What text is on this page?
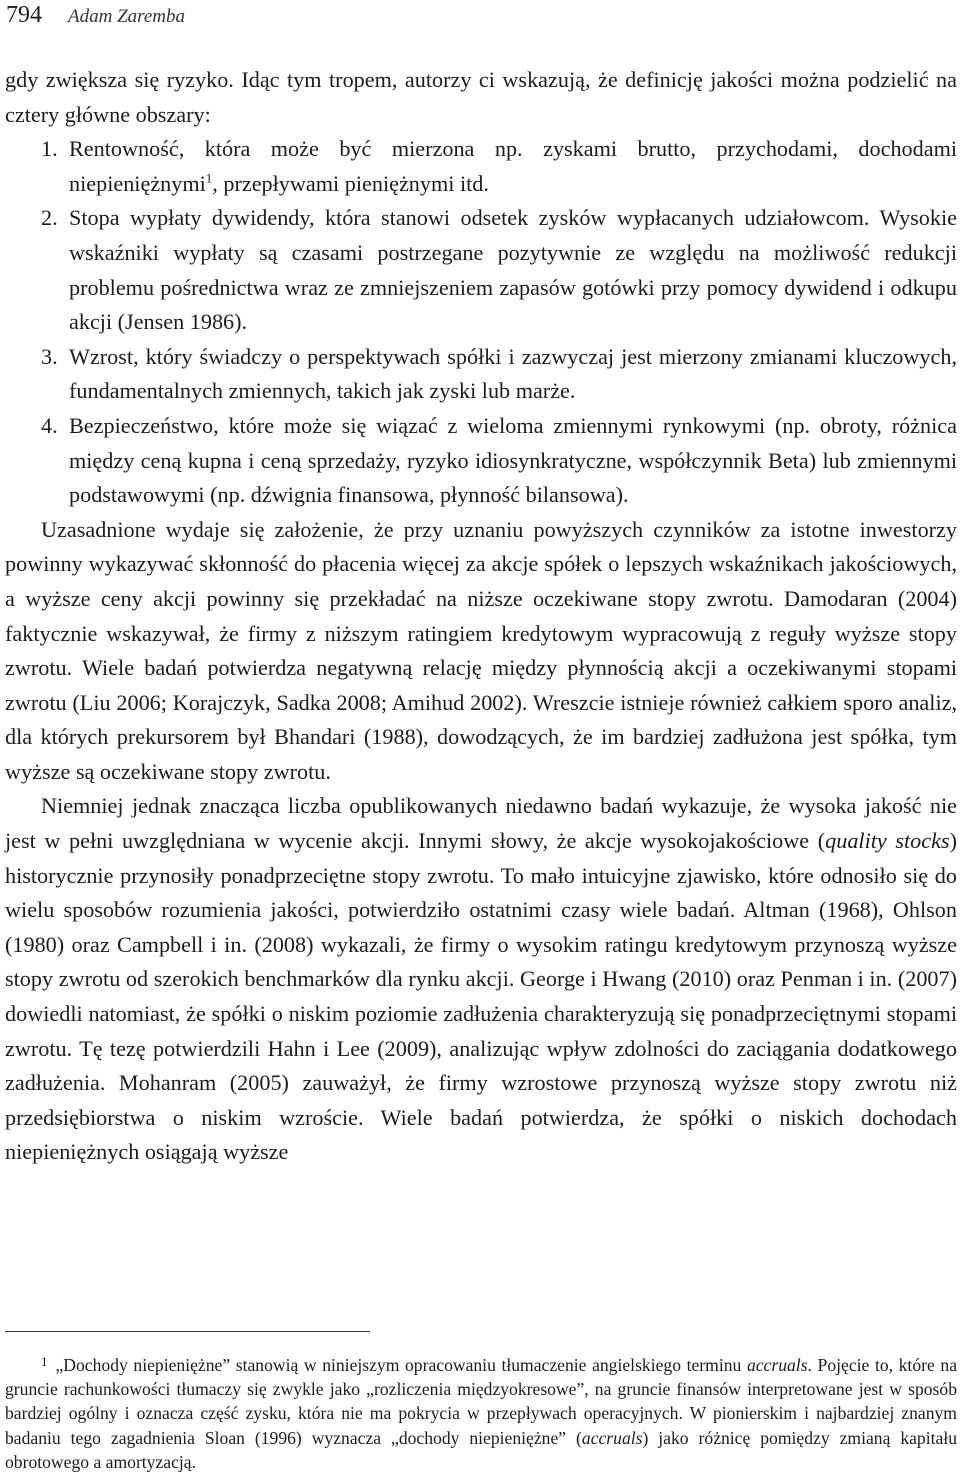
794 Adam Zaremba

gdy zwiększa się ryzyko. Idąc tym tropem, autorzy ci wskazują, że definicję jakości można podzielić na cztery główne obszary:

1. Rentowność, która może być mierzona np. zyskami brutto, przychodami, dochodami niepieniężnymi$^1$, przepływami pieniężnymi itd.
2. Stopa wypłaty dywidendy, która stanowi odsetek zysków wypłacanych udziałowcom. Wysokie wskaźniki wypłaty są czasami postrzegane pozytywnie ze względu na możliwość redukcji problemu pośrednictwa wraz ze zmniejszeniem zapasów gotówki przy pomocy dywidend i odkupu akcji (Jensen 1986).
3. Wzrost, który świadczy o perspektywach spółki i zazwyczaj jest mierzony zmianami kluczowych, fundamentalnych zmiennych, takich jak zyski lub marże.
4. Bezpieczeństwo, które może się wiązać z wieloma zmiennymi rynkowymi (np. obroty, różnica między ceną kupna i ceną sprzedaży, ryzyko idiosynkratyczne, współczynnik Beta) lub zmiennymi podstawowymi (np. dźwignia finansowa, płynność bilansowa).

Uzasadnione wydaje się założenie, że przy uznaniu powyższych czynników za istotne inwestorzy powinny wykazywać skłonność do płacenia więcej za akcje spółek o lepszych wskaźnikach jakościowych, a wyższe ceny akcji powinny się przekładać na niższe oczekiwane stopy zwrotu. Damodaran (2004) faktycznie wskazywał, że firmy z niższym ratingiem kredytowym wypracowują z reguły wyższe stopy zwrotu. Wiele badań potwierdza negatywną relację między płynnością akcji a oczekiwanymi stopami zwrotu (Liu 2006; Korajczyk, Sadka 2008; Amihud 2002). Wreszcie istnieje również całkiem sporo analiz, dla których prekursorem był Bhandari (1988), dowodzących, że im bardziej zadłużona jest spółka, tym wyższe są oczekiwane stopy zwrotu.

Niemniej jednak znacząca liczba opublikowanych niedawno badań wykazuje, że wysoka jakość nie jest w pełni uwzględniana w wycenie akcji. Innymi słowy, że akcje wysokojakościowe (quality stocks) historycznie przynosiły ponadprzeciętne stopy zwrotu. To mało intuicyjne zjawisko, które odnosiło się do wielu sposobów rozumienia jakości, potwierdziło ostatnimi czasy wiele badań. Altman (1968), Ohlson (1980) oraz Campbell i in. (2008) wykazali, że firmy o wysokim ratingu kredytowym przynoszą wyższe stopy zwrotu od szerokich benchmarków dla rynku akcji. George i Hwang (2010) oraz Penman i in. (2007) dowiedli natomiast, że spółki o niskim poziomie zadłużenia charakteryzują się ponadprzeciętnymi stopami zwrotu. Tę tezę potwierdzili Hahn i Lee (2009), analizując wpływ zdolności do zaciągania dodatkowego zadłużenia. Mohanram (2005) zauważył, że firmy wzrostowe przynoszą wyższe stopy zwrotu niż przedsiębiorstwa o niskim wzroście. Wiele badań potwierdza, że spółki o niskich dochodach niepieniężnych osiągają wyższe

$^1$ „Dochody niepieniężne” stanowią w niniejszym opracowaniu tłumaczenie angielskiego terminu accruals. Pojęcie to, które na gruncie rachunkowości tłumaczy się zwykle jako „rozliczenia międzyokresowe”, na gruncie finansów interpretowane jest w sposób bardziej ogólny i oznacza część zysku, która nie ma pokrycia w przepływach operacyjnych. W pionierskim i najbardziej znanym badaniu tego zagadnienia Sloan (1996) wyznacza „dochody niepieniężne” (accruals) jako różnicę pomiędzy zmianą kapitału obrotowego a amortyzacją.
